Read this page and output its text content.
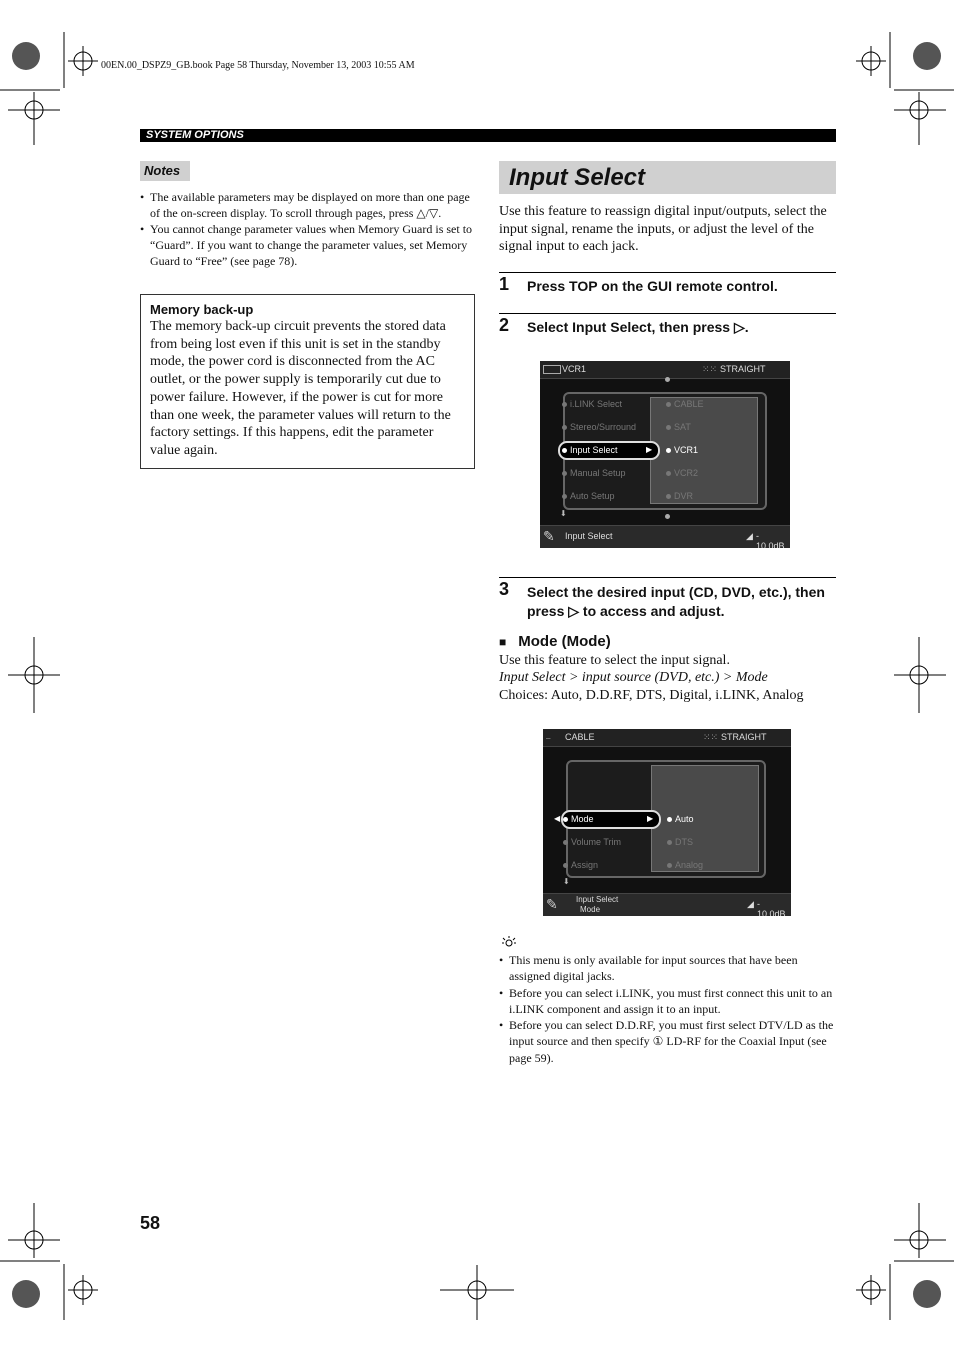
00EN.00_DSPZ9_GB.book Page 58 Thursday, November 13, 2003 10:55 AM
SYSTEM OPTIONS
Notes
• The available parameters may be displayed on more than one page of the on-screen display. To scroll through pages, press △/▽.
• You cannot change parameter values when Memory Guard is set to “Guard”. If you want to change the parameter values, set Memory Guard to “Free” (see page 78).
Memory back-up
The memory back-up circuit prevents the stored data from being lost even if this unit is set in the standby mode, the power cord is disconnected from the AC outlet, or the power supply is temporarily cut due to power failure. However, if the power is cut for more than one week, the parameter values will return to the factory settings. If this happens, edit the parameter value again.
Input Select
Use this feature to reassign digital input/outputs, select the input signal, rename the inputs, or adjust the level of the signal input to each jack.
1 Press TOP on the GUI remote control.
2 Select Input Select, then press ▷.
VCR1	⁙⁙ STRAIGHT
i.LINK Select
Stereo/Surround
Input Select	▶
Manual Setup
Auto Setup
CABLE
SAT
VCR1
VCR2
DVR
⬇
✎ Input Select	◢ - 10.0dB
3 Select the desired input (CD, DVD, etc.), then press ▷ to access and adjust.
■ Mode (Mode)
Use this feature to select the input signal.
Input Select > input source (DVD, etc.) > Mode
Choices: Auto, D.D.RF, DTS, Digital, i.LINK, Analog
⎯ CABLE	⁙⁙ STRAIGHT
◀	Mode	▶
Volume Trim
Assign
Auto
DTS
Analog
⬇
✎ Input Select
Mode
◢ - 10.0dB
• This menu is only available for input sources that have been assigned digital jacks.
• Before you can select i.LINK, you must first connect this unit to an i.LINK component and assign it to an input.
• Before you can select D.D.RF, you must first select DTV/LD as the input source and then specify ① LD-RF for the Coaxial Input (see page 59).
58
